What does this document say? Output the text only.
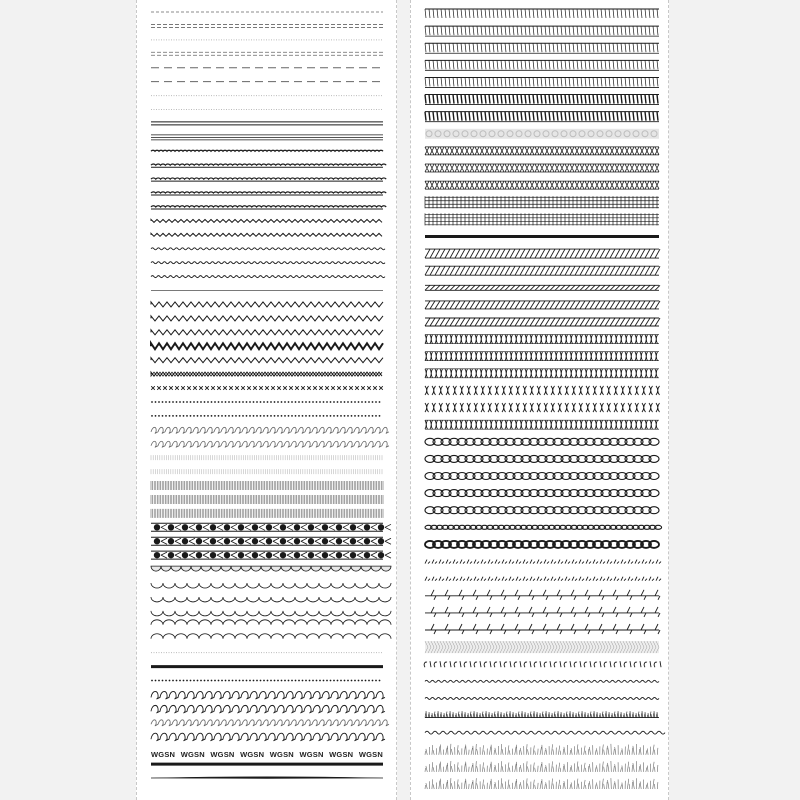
WGSN WGSN WGSN WGSN WGSN WGSN WGSN WGSN
